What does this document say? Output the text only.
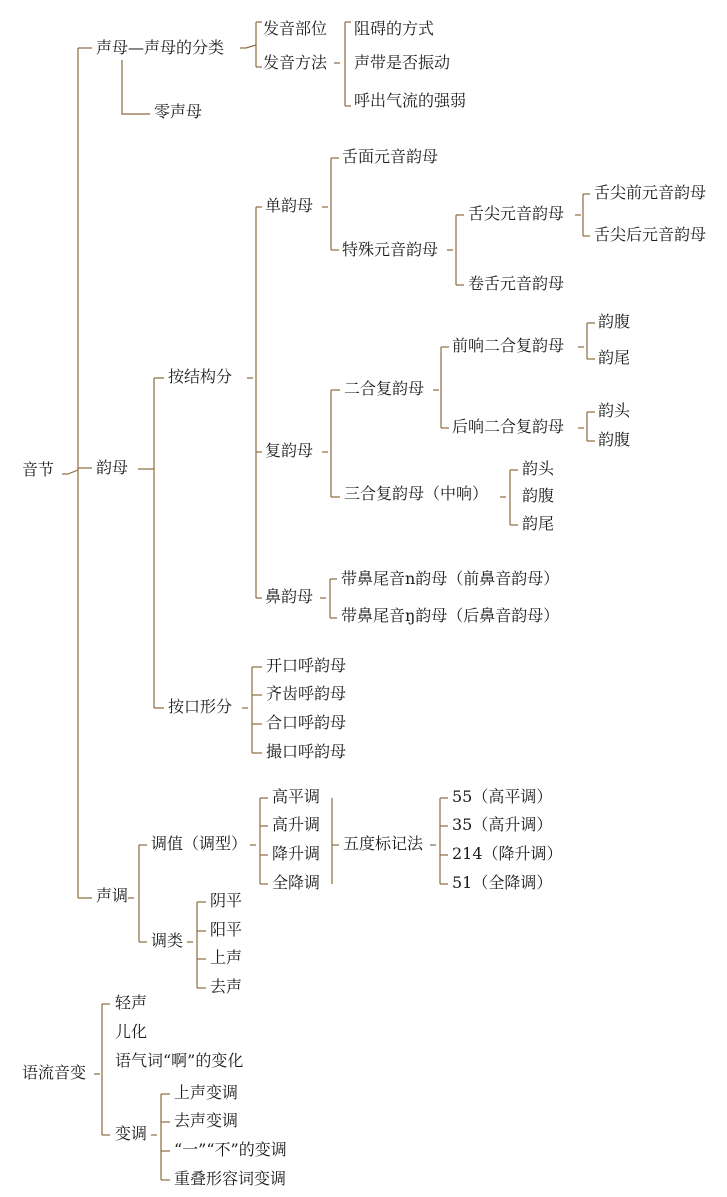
音节
声母—声母的分类
发音部位
发音方法
阻碍的方式
声带是否振动
呼出气流的强弱
零声母
韵母
按结构分
单韵母
舌面元音韵母
特殊元音韵母
舌尖元音韵母
卷舌元音韵母
舌尖前元音韵母
舌尖后元音韵母
复韵母
二合复韵母
前响二合复韵母
后响二合复韵母
韵腹
韵尾
韵头
韵腹
三合复韵母（中响）
韵头
韵腹
韵尾
鼻韵母
带鼻尾音n韵母（前鼻音韵母）
带鼻尾音ŋ韵母（后鼻音韵母）
按口形分
开口呼韵母
齐齿呼韵母
合口呼韵母
撮口呼韵母
声调
调值（调型）
高平调
高升调
降升调
全降调
五度标记法
55（高平调）
35（高升调）
214（降升调）
51（全降调）
调类
阴平
阳平
上声
去声
语流音变
轻声
儿化
语气词“啊”的变化
变调
上声变调
去声变调
“一”“不”的变调
重叠形容词变调
